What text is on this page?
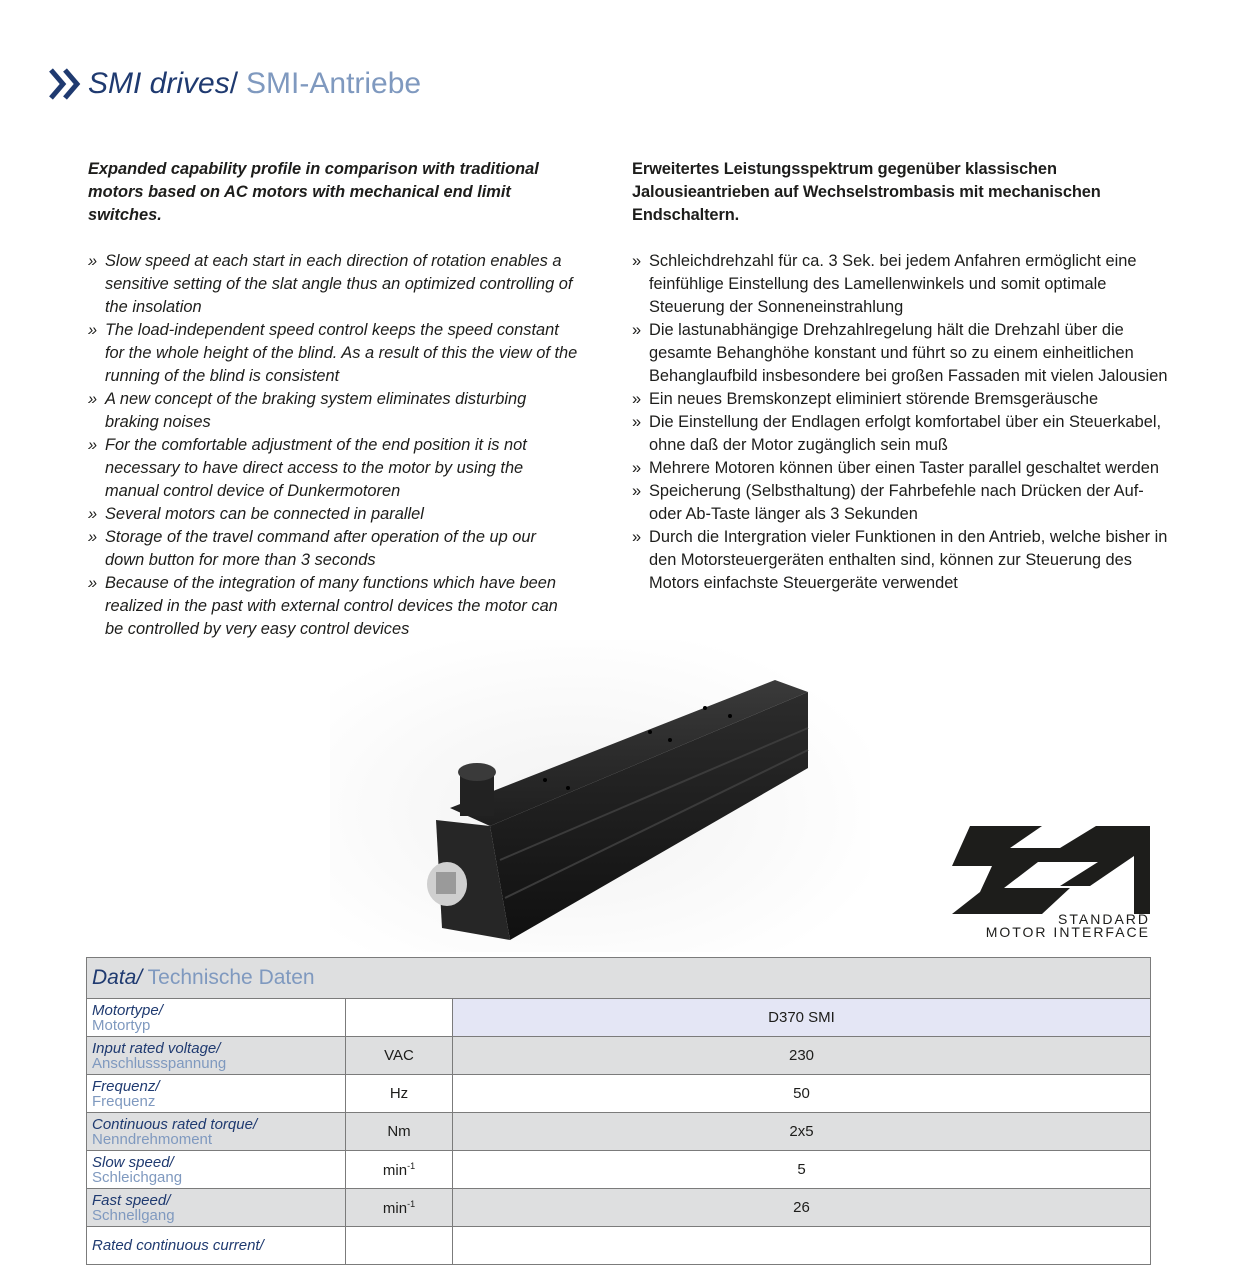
SMI drives / SMI-Antriebe

Expanded capability profile in comparison with traditional motors based on AC motors with mechanical end limit switches.

» Slow speed at each start in each direction of rotation enables a sensitive setting of the slat angle thus an optimized controlling of the insolation
» The load-independent speed control keeps the speed constant for the whole height of the blind. As a result of this the view of the running of the blind is consistent
» A new concept of the braking system eliminates disturbing braking noises
» For the comfortable adjustment of the end position it is not necessary to have direct access to the motor by using the manual control device of Dunkermotoren
» Several motors can be connected in parallel
» Storage of the travel command after operation of the up our down button for more than 3 seconds
» Because of the integration of many functions which have been realized in the past with external control devices the motor can be controlled by very easy control devices

Erweitertes Leistungsspektrum gegenüber klassischen Jalousieantrieben auf Wechselstrombasis mit mechanischen Endschaltern.

» Schleichdrehzahl für ca. 3 Sek. bei jedem Anfahren ermöglicht eine feinfühlige Einstellung des Lamellenwinkels und somit optimale Steuerung der Sonneneinstrahlung
» Die lastunabhängige Drehzahlregelung hält die Drehzahl über die gesamte Behanghöhe konstant und führt so zu einem einheitlichen Behanglaufbild insbesondere bei großen Fassaden mit vielen Jalousien
» Ein neues Bremskonzept eliminiert störende Bremsgeräusche
» Die Einstellung der Endlagen erfolgt komfortabel über ein Steuerkabel, ohne daß der Motor zugänglich sein muß
» Mehrere Motoren können über einen Taster parallel geschaltet werden
» Speicherung (Selbsthaltung) der Fahrbefehle nach Drücken der Auf- oder Ab-Taste länger als 3 Sekunden
» Durch die Intergration vieler Funktionen in den Antrieb, welche bisher in den Motorsteuergeräten enthalten sind, können zur Steuerung des Motors einfachste Steuergeräte verwendet
STANDARD
MOTOR INTERFACE
Data/ Technische Daten		

Motortype/
Motortyp		D370 SMI

Input rated voltage/
Anschlussspannung	VAC	230

Frequenz/
Frequenz	Hz	50

Continuous rated torque/
Nenndrehmoment	Nm	2x5

Slow speed/
Schleichgang	$\min^{-1}$	5

Fast speed/
Schnellgang	$\min^{-1}$	26

Rated continuous current/		
